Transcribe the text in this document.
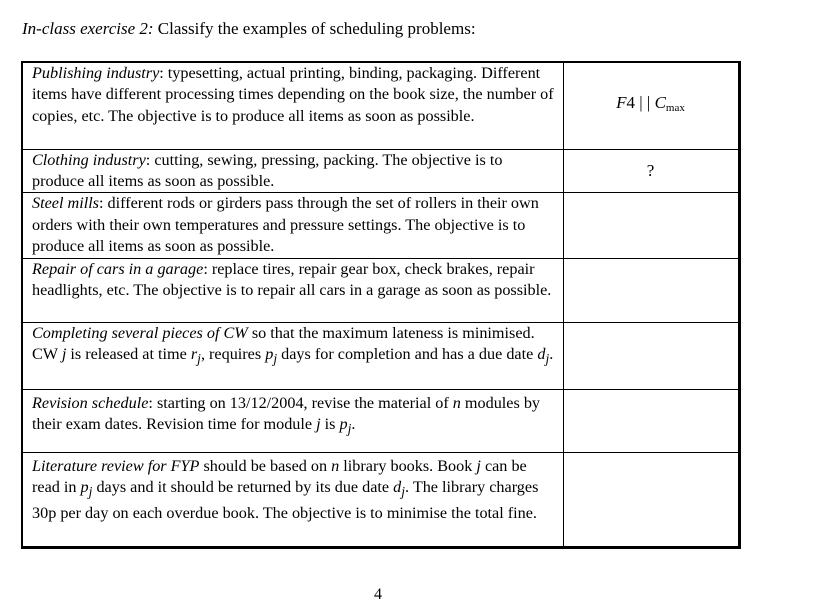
In-class exercise 2: Classify the examples of scheduling problems:
Publishing industry: typesetting, actual printing, binding, packaging. Different items have different processing times depending on the book size, the number of copies, etc. The objective is to produce all items as soon as possible.	F4 | | $C_{max}$
Clothing industry: cutting, sewing, pressing, packing. The objective is to produce all items as soon as possible.	?
Steel mills: different rods or girders pass through the set of rollers in their own orders with their own temperatures and pressure settings. The objective is to produce all items as soon as possible.	
Repair of cars in a garage: replace tires, repair gear box, check brakes, repair headlights, etc. The objective is to repair all cars in a garage as soon as possible.	
Completing several pieces of CW so that the maximum lateness is minimised. CW j is released at time $r_j$, requires $p_j$ days for completion and has a due date $d_j$.	
Revision schedule: starting on 13/12/2004, revise the material of n modules by their exam dates. Revision time for module j is $p_j$.	
Literature review for FYP should be based on n library books. Book j can be read in $p_j$ days and it should be returned by its due date $d_j$. The library charges 30p per day on each overdue book. The objective is to minimise the total fine.	
4
